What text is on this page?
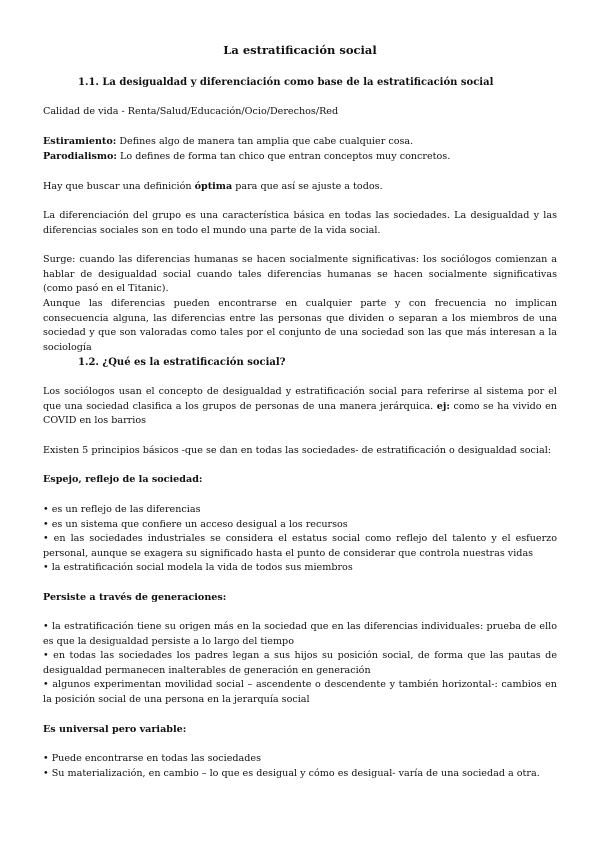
La estratificación social

1.1. La desigualdad y diferenciación como base de la estratificación social

Calidad de vida - Renta/Salud/Educación/Ocio/Derechos/Red

Estiramiento: Defines algo de manera tan amplia que cabe cualquier cosa.

Parodialismo: Lo defines de forma tan chico que entran conceptos muy concretos.

Hay que buscar una definición óptima para que así se ajuste a todos.

La diferenciación del grupo es una característica básica en todas las sociedades. La desigualdad y las diferencias sociales son en todo el mundo una parte de la vida social.

Surge: cuando las diferencias humanas se hacen socialmente significativas: los sociólogos comienzan a hablar de desigualdad social cuando tales diferencias humanas se hacen socialmente significativas (como pasó en el Titanic).

Aunque las diferencias pueden encontrarse en cualquier parte y con frecuencia no implican consecuencia alguna, las diferencias entre las personas que dividen o separan a los miembros de una sociedad y que son valoradas como tales por el conjunto de una sociedad son las que más interesan a la sociología

1.2. ¿Qué es la estratificación social?

Los sociólogos usan el concepto de desigualdad y estratificación social para referirse al sistema por el que una sociedad clasifica a los grupos de personas de una manera jerárquica. ej: como se ha vivido en COVID en los barrios

Existen 5 principios básicos -que se dan en todas las sociedades- de estratificación o desigualdad social:

Espejo, reflejo de la sociedad:

• es un reflejo de las diferencias
• es un sistema que confiere un acceso desigual a los recursos
• en las sociedades industriales se considera el estatus social como reflejo del talento y el esfuerzo personal, aunque se exagera su significado hasta el punto de considerar que controla nuestras vidas
• la estratificación social modela la vida de todos sus miembros

Persiste a través de generaciones:

• la estratificación tiene su origen más en la sociedad que en las diferencias individuales: prueba de ello es que la desigualdad persiste a lo largo del tiempo
• en todas las sociedades los padres legan a sus hijos su posición social, de forma que las pautas de desigualdad permanecen inalterables de generación en generación
• algunos experimentan movilidad social – ascendente o descendente y también horizontal-: cambios en la posición social de una persona en la jerarquía social

Es universal pero variable:

• Puede encontrarse en todas las sociedades
• Su materialización, en cambio – lo que es desigual y cómo es desigual- varía de una sociedad a otra.
